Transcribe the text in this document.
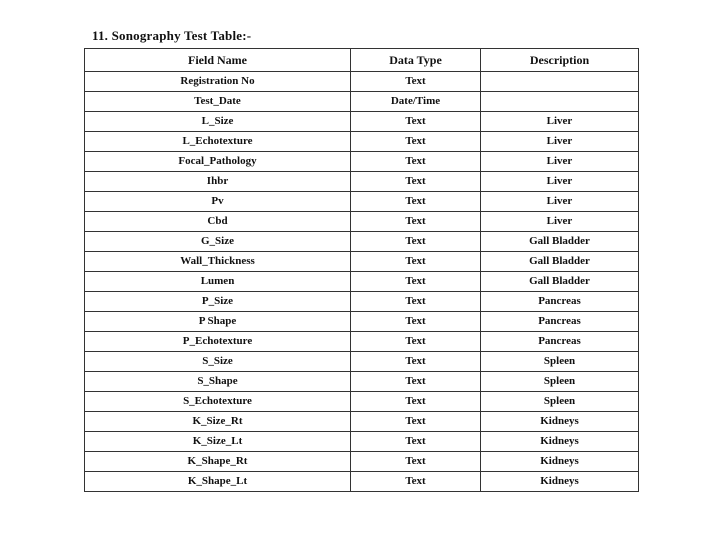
11. Sonography Test Table:-
Field Name	Data Type	Description
Registration No	Text	
Test_Date	Date/Time	
L_Size	Text	Liver
L_Echotexture	Text	Liver
Focal_Pathology	Text	Liver
Ihbr	Text	Liver
Pv	Text	Liver
Cbd	Text	Liver
G_Size	Text	Gall Bladder
Wall_Thickness	Text	Gall Bladder
Lumen	Text	Gall Bladder
P_Size	Text	Pancreas
P Shape	Text	Pancreas
P_Echotexture	Text	Pancreas
S_Size	Text	Spleen
S_Shape	Text	Spleen
S_Echotexture	Text	Spleen
K_Size_Rt	Text	Kidneys
K_Size_Lt	Text	Kidneys
K_Shape_Rt	Text	Kidneys
K_Shape_Lt	Text	Kidneys
